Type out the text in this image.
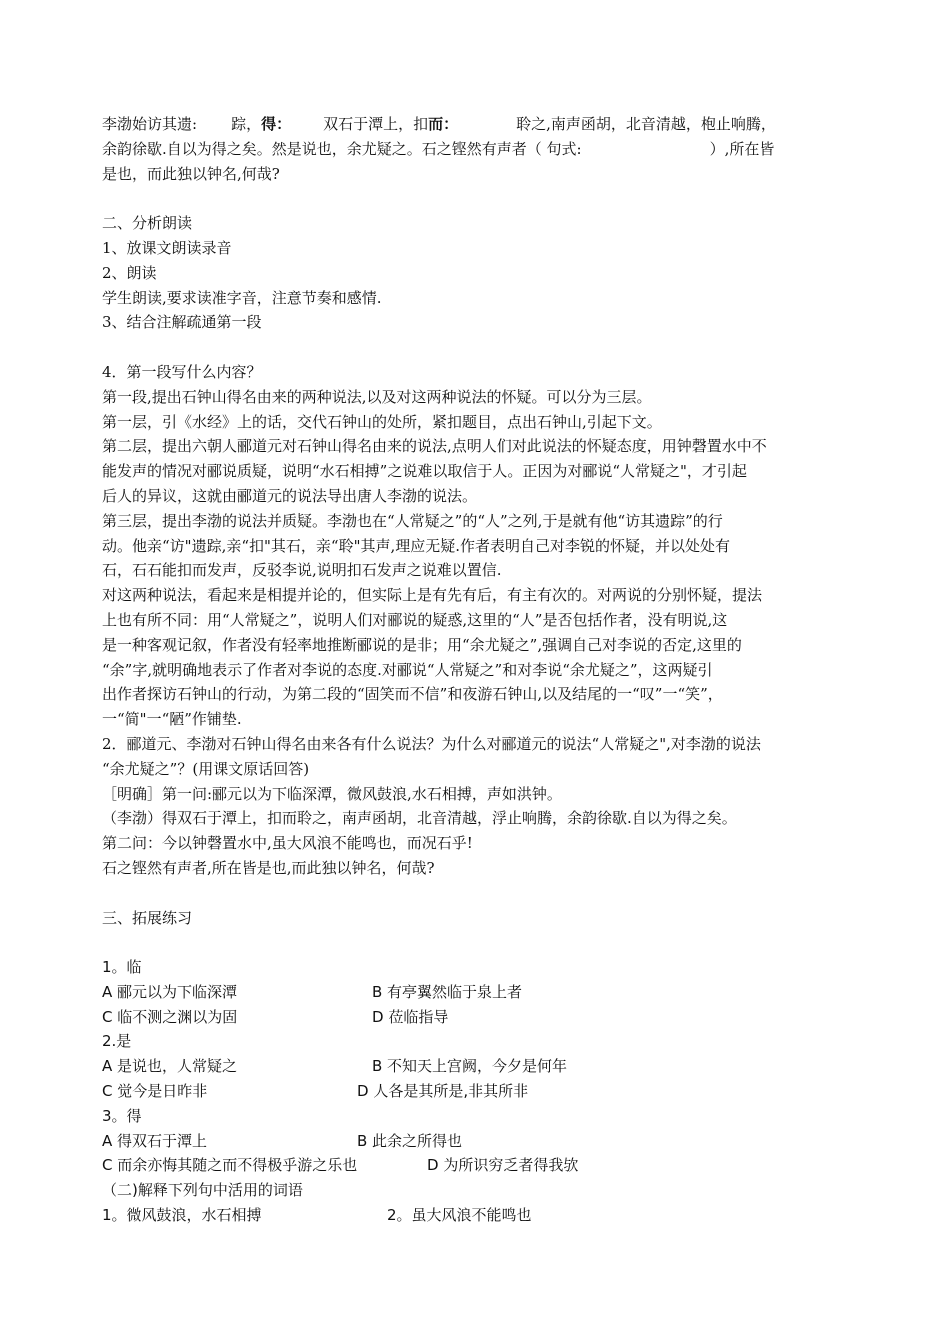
李渤始访其遗: 踪，得： 双石于潭上，扣而：	聆之,南声函胡，北音清越，枹止响腾，
余韵徐歇.自以为得之矣。然是说也，余尤疑之。石之铿然有声者（ 句式:	）,所在皆
是也，而此独以钟名,何哉?
二、分析朗读
1、放课文朗读录音
2、朗读
学生朗读,要求读准字音，注意节奏和感情.
3、结合注解疏通第一段
4．第一段写什么内容？
第一段,提出石钟山得名由来的两种说法,以及对这两种说法的怀疑。可以分为三层。
第一层，引《水经》上的话，交代石钟山的处所，紧扣题目，点出石钟山,引起下文。
第二层，提出六朝人郦道元对石钟山得名由来的说法,点明人们对此说法的怀疑态度，用钟磬置水中不
能发声的情况对郦说质疑，说明“水石相搏”之说难以取信于人。正因为对郦说“人常疑之"，才引起
后人的异议，这就由郦道元的说法导出唐人李渤的说法。
第三层，提出李渤的说法并质疑。李渤也在“人常疑之”的“人”之列,于是就有他“访其遗踪”的行
动。他亲“访"遗踪,亲“扣"其石，亲“聆"其声,理应无疑.作者表明自己对李锐的怀疑，并以处处有
石，石石能扣而发声，反驳李说,说明扣石发声之说难以置信.
对这两种说法，看起来是相提并论的，但实际上是有先有后，有主有次的。对两说的分别怀疑，提法
上也有所不同：用“人常疑之”，说明人们对郦说的疑惑,这里的“人”是否包括作者，没有明说,这
是一种客观记叙，作者没有轻率地推断郦说的是非；用“余尤疑之”,强调自己对李说的否定,这里的
“余”字,就明确地表示了作者对李说的态度.对郦说“人常疑之”和对李说“余尤疑之”，这两疑引
出作者探访石钟山的行动，为第二段的“固笑而不信”和夜游石钟山,以及结尾的一“叹”一“笑”，
一“简"一“陋”作铺垫.
2．郦道元、李渤对石钟山得名由来各有什么说法？为什么对郦道元的说法“人常疑之",对李渤的说法
“余尤疑之”？(用课文原话回答)
［明确］第一问:郦元以为下临深潭，微风鼓浪,水石相搏，声如洪钟。
（李渤）得双石于潭上，扣而聆之，南声函胡，北音清越，浮止响腾，余韵徐歇.自以为得之矣。
第二问：今以钟磬置水中,虽大风浪不能鸣也，而况石乎!
石之铿然有声者,所在皆是也,而此独以钟名，何哉?
三、拓展练习
1。临
A 郦元以为下临深潭	B 有亭翼然临于泉上者
C 临不测之渊以为固	D 莅临指导
2.是
A 是说也，人常疑之	B 不知天上宫阙，今夕是何年
C 觉今是日昨非	D 人各是其所是,非其所非
3。得
A 得双石于潭上	B 此余之所得也
C 而余亦悔其随之而不得极乎游之乐也	D 为所识穷乏者得我欤
（二)解释下列句中活用的词语
1。微风鼓浪，水石相搏	2。虽大风浪不能鸣也
